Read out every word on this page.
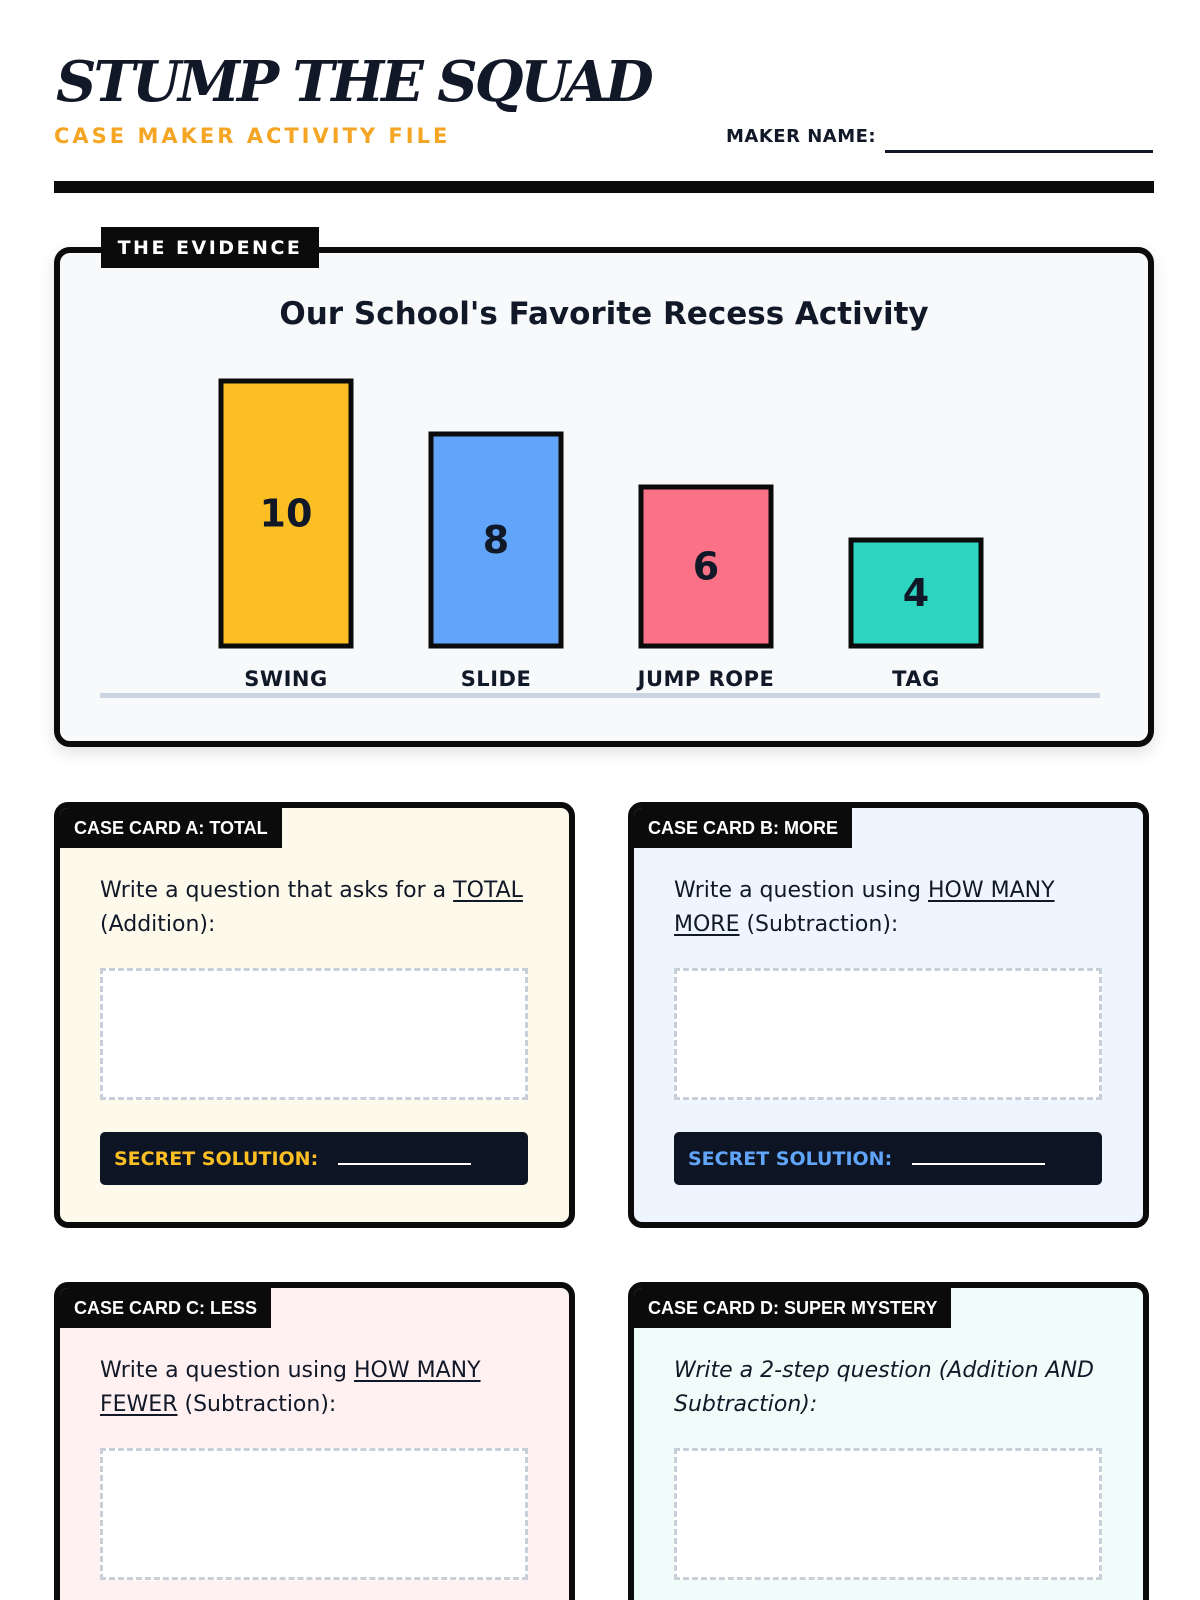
STUMP THE SQUAD
CASE MAKER ACTIVITY FILE	MAKER NAME:
10
SWING
8
SLIDE
6
JUMP ROPE
4
TAG
Our School's Favorite Recess Activity
THE EVIDENCE
CASE CARD A: TOTAL
Write a question that asks for a TOTAL (Addition):
SECRET SOLUTION:
CASE CARD B: MORE
Write a question using HOW MANY MORE (Subtraction):
SECRET SOLUTION:
CASE CARD C: LESS
Write a question using HOW MANY FEWER (Subtraction):
CASE CARD D: SUPER MYSTERY
Write a 2-step question (Addition AND Subtraction):
